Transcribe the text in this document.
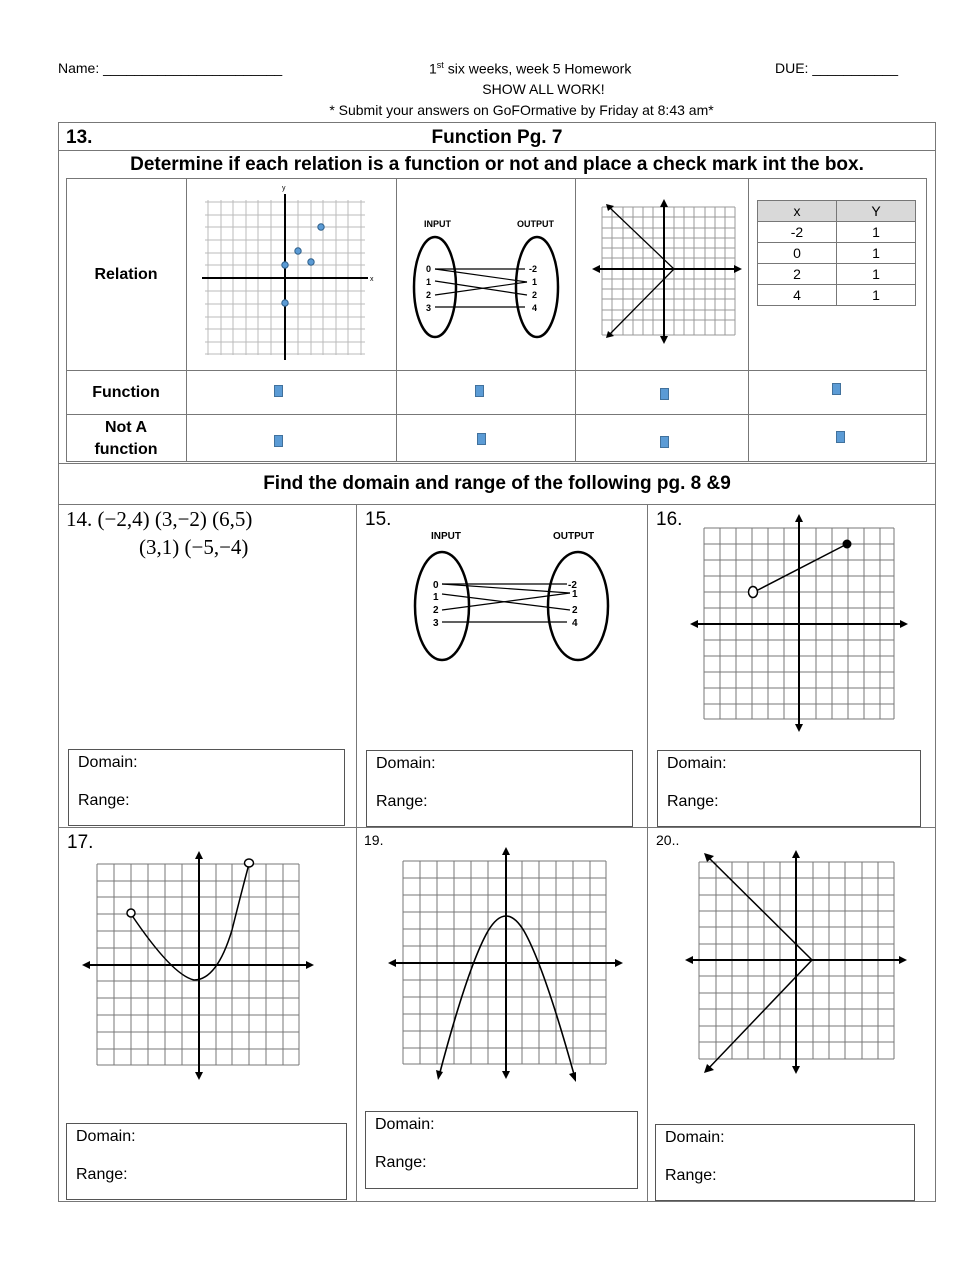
Name: _______________________	1st six weeks, week 5 Homework	DUE: ___________
SHOW ALL WORK!
* Submit your answers on GoFOrmative by Friday at 8:43 am*
13.	Function Pg. 7
Determine if each relation is a function or not and place a check mark int the box.
Relation
Function
Not A
function
x
y
INPUT	OUTPUT
0
1
2
3
-2
1
2
4
x	Y
-2	1
0	1
2	1
4	1
Find the domain and range of the following pg. 8 &9
14. (−2,4) (3,−2) (6,5)
(3,1) (−5,−4)
Domain:
Range:
15.
INPUT	OUTPUT
0
1
2
3
-2
1
2
4
Domain:
Range:
16.
Domain:
Range:
17.
Domain:
Range:
19.
Domain:
Range:
20..
Domain:
Range:
